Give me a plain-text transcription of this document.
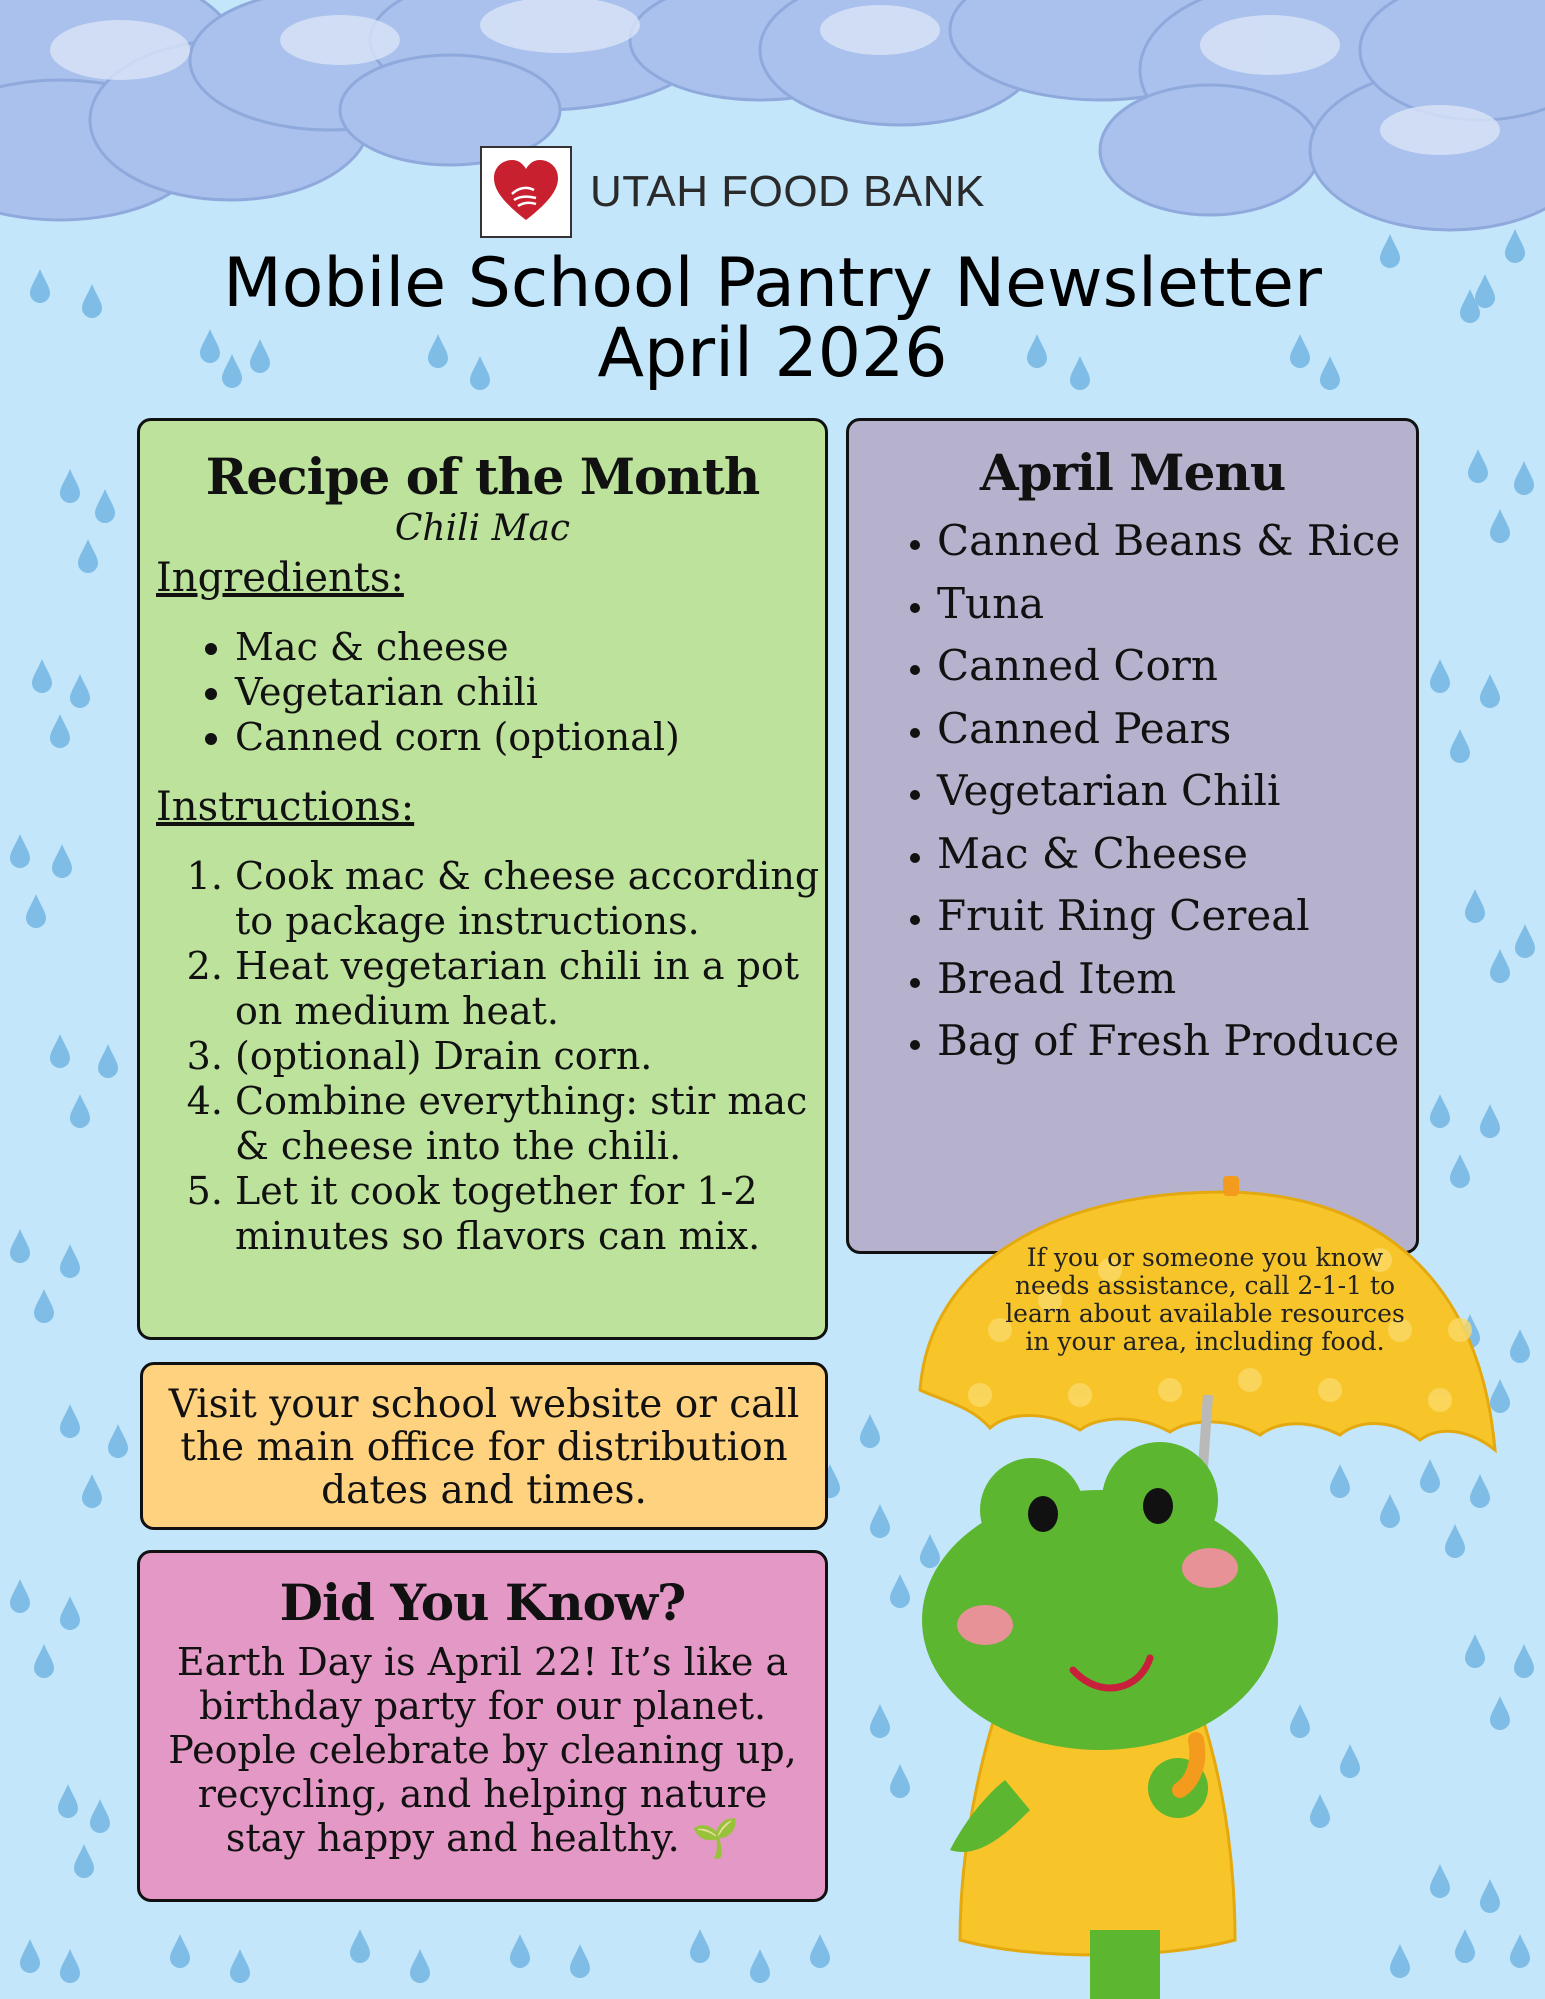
UTAH FOOD BANK
Mobile School Pantry Newsletter
April 2026
Recipe of the Month
Chili Mac
Ingredients:
• Mac & cheese
• Vegetarian chili
• Canned corn (optional)
Instructions:
1. Cook mac & cheese according to package instructions.
2. Heat vegetarian chili in a pot on medium heat.
3. (optional) Drain corn.
4. Combine everything: stir mac & cheese into the chili.
5. Let it cook together for 1-2 minutes so flavors can mix.
April Menu
• Canned Beans & Rice
• Tuna
• Canned Corn
• Canned Pears
• Vegetarian Chili
• Mac & Cheese
• Fruit Ring Cereal
• Bread Item
• Bag of Fresh Produce
Visit your school website or call the main office for distribution dates and times.
Did You Know?
Earth Day is April 22! It’s like a birthday party for our planet. People celebrate by cleaning up, recycling, and helping nature stay happy and healthy. 🌱
If you or someone you know needs assistance, call 2-1-1 to learn about available resources in your area, including food.
